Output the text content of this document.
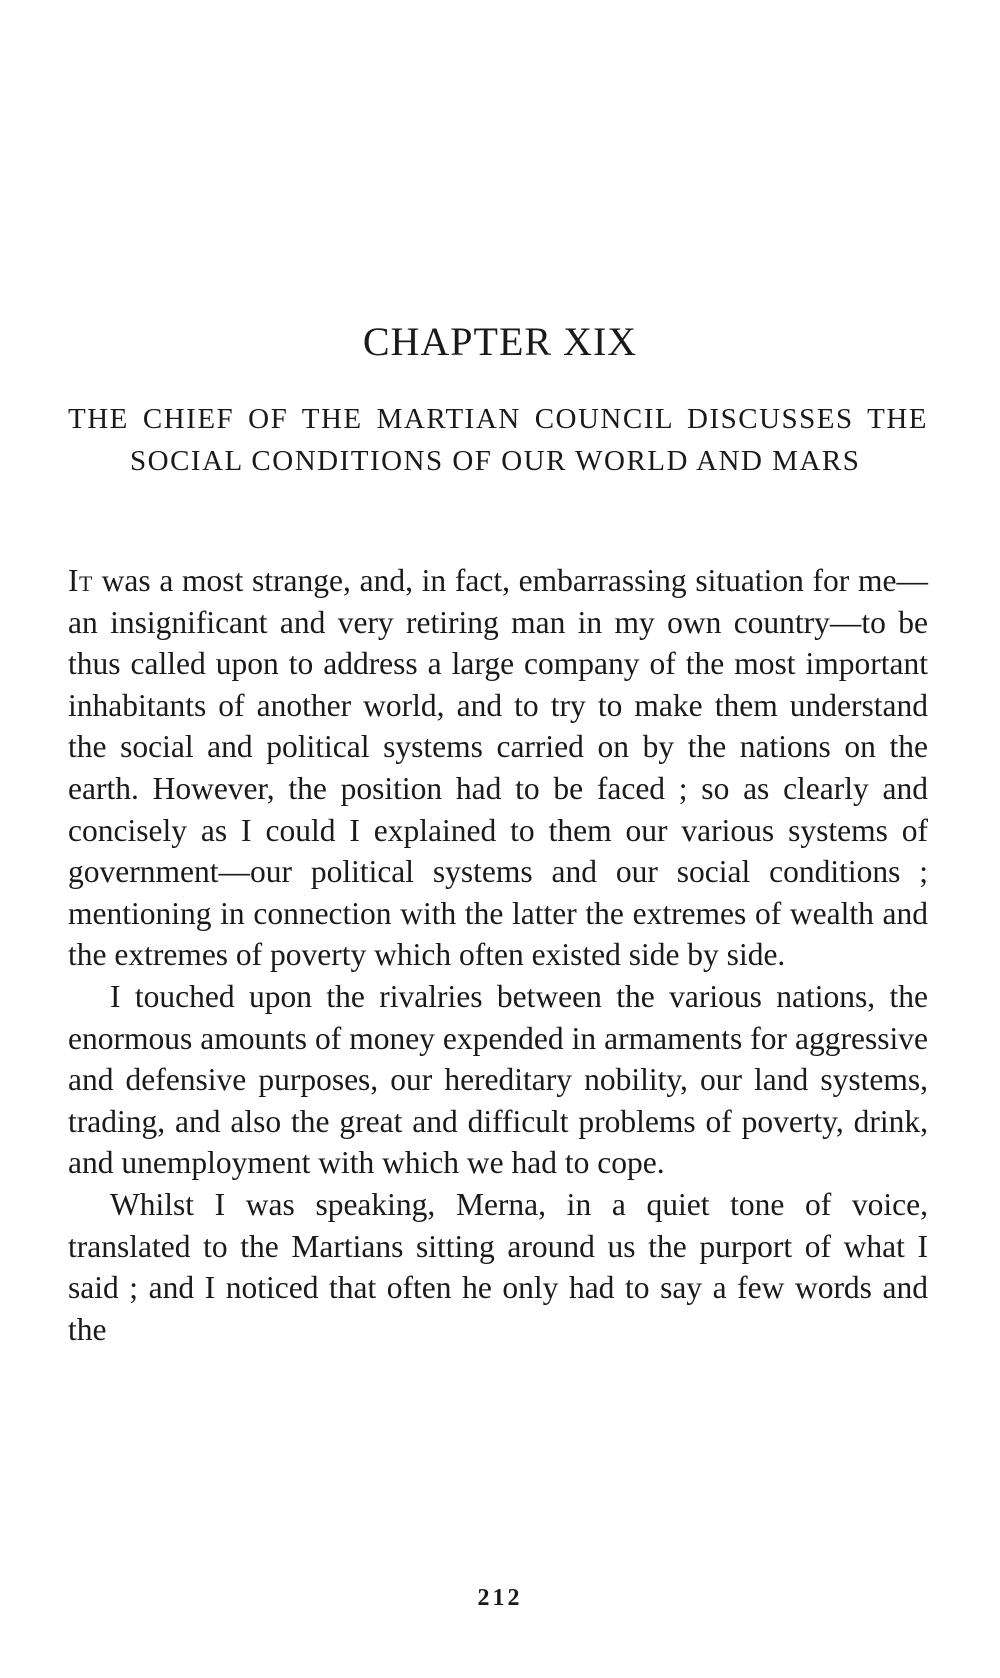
CHAPTER XIX
THE CHIEF OF THE MARTIAN COUNCIL DISCUSSES THE SOCIAL CONDITIONS OF OUR WORLD AND MARS

It was a most strange, and, in fact, embarrassing situation for me—an insignificant and very retiring man in my own country—to be thus called upon to address a large company of the most important inhabitants of another world, and to try to make them understand the social and political systems carried on by the nations on the earth. However, the position had to be faced ; so as clearly and concisely as I could I explained to them our various systems of government—our political systems and our social conditions ; mentioning in connection with the latter the extremes of wealth and the extremes of poverty which often existed side by side.

I touched upon the rivalries between the various nations, the enormous amounts of money expended in armaments for aggressive and defensive purposes, our hereditary nobility, our land systems, trading, and also the great and difficult problems of poverty, drink, and unemployment with which we had to cope.

Whilst I was speaking, Merna, in a quiet tone of voice, translated to the Martians sitting around us the purport of what I said ; and I noticed that often he only had to say a few words and the

212
